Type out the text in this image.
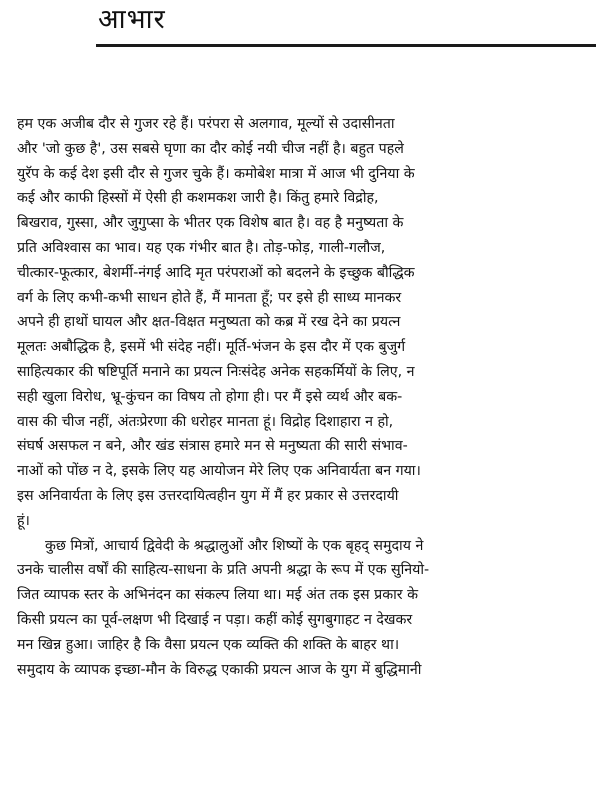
आभार
हम एक अजीब दौर से गुजर रहे हैं। परंपरा से अलगाव, मूल्यों से उदासीनता
और 'जो कुछ है', उस सबसे घृणा का दौर कोई नयी चीज नहीं है। बहुत पहले
युरॅप के कई देश इसी दौर से गुजर चुके हैं। कमोबेश मात्रा में आज भी दुनिया के
कई और काफी हिस्सों में ऐसी ही कशमकश जारी है। किंतु हमारे विद्रोह,
बिखराव, गुस्सा, और जुगुप्सा के भीतर एक विशेष बात है। वह है मनुष्यता के
प्रति अविश्वास का भाव। यह एक गंभीर बात है। तोड़-फोड़, गाली-गलौज,
चीत्कार-फूत्कार, बेशर्मी-नंगई आदि मृत परंपराओं को बदलने के इच्छुक बौद्धिक
वर्ग के लिए कभी-कभी साधन होते हैं, मैं मानता हूँ; पर इसे ही साध्य मानकर
अपने ही हाथों घायल और क्षत-विक्षत मनुष्यता को कब्र में रख देने का प्रयत्न
मूलतः अबौद्धिक है, इसमें भी संदेह नहीं। मूर्ति-भंजन के इस दौर में एक बुजुर्ग
साहित्यकार की षष्टिपूर्ति मनाने का प्रयत्न निःसंदेह अनेक सहकर्मियों के लिए, न
सही खुला विरोध, भ्रू-कुंचन का विषय तो होगा ही। पर मैं इसे व्यर्थ और बक-
वास की चीज नहीं, अंतःप्रेरणा की धरोहर मानता हूं। विद्रोह दिशाहारा न हो,
संघर्ष असफल न बने, और खंड संत्रास हमारे मन से मनुष्यता की सारी संभाव-
नाओं को पोंछ न दे, इसके लिए यह आयोजन मेरे लिए एक अनिवार्यता बन गया।
इस अनिवार्यता के लिए इस उत्तरदायित्वहीन युग में मैं हर प्रकार से उत्तरदायी
हूं।
कुछ मित्रों, आचार्य द्विवेदी के श्रद्धालुओं और शिष्यों के एक बृहद् समुदाय ने
उनके चालीस वर्षों की साहित्य-साधना के प्रति अपनी श्रद्धा के रूप में एक सुनियो-
जित व्यापक स्तर के अभिनंदन का संकल्प लिया था। मई अंत तक इस प्रकार के
किसी प्रयत्न का पूर्व-लक्षण भी दिखाई न पड़ा। कहीं कोई सुगबुगाहट न देखकर
मन खिन्न हुआ। जाहिर है कि वैसा प्रयत्न एक व्यक्ति की शक्ति के बाहर था।
समुदाय के व्यापक इच्छा-मौन के विरुद्ध एकाकी प्रयत्न आज के युग में बुद्धिमानी
